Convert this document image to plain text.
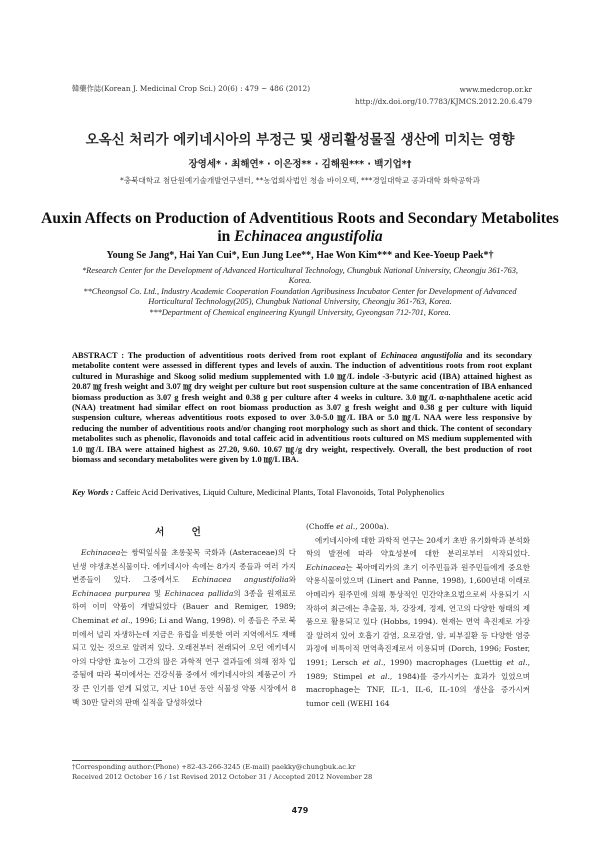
韓藥作誌(Korean J. Medicinal Crop Sci.) 20(6) : 479 ~ 486 (2012)	www.medcrop.or.kr
http://dx.doi.org/10.7783/KJMCS.2012.20.6.479
오옥신 처리가 에키네시아의 부정근 및 생리활성물질 생산에 미치는 영향
장영세* · 최해연* · 이은정** · 김해원*** · 백기업*†
*충북대학교 첨단원예기술개발연구센터, **농업회사법인 청솔 바이오텍, ***경일대학교 공과대학 화학공학과
Auxin Affects on Production of Adventitious Roots and Secondary Metabolites in Echinacea angustifolia
Young Se Jang*, Hai Yan Cui*, Eun Jung Lee**, Hae Won Kim*** and Kee-Yoeup Paek*†
*Research Center for the Development of Advanced Horticultural Technology, Chungbuk National University, Cheongju 361-763, Korea.
**Cheongsol Co. Ltd., Industry Academic Cooperation Foundation Agribusiness Incubator Center for Development of Advanced Horticultural Technology(205), Chungbuk National University, Cheongju 361-763, Korea.
***Department of Chemical engineering Kyungil University, Gyeongsan 712-701, Korea.
ABSTRACT : The production of adventitious roots derived from root explant of Echinacea angustifolia and its secondary metabolite content were assessed in different types and levels of auxin. The induction of adventitious roots from root explant cultured in Murashige and Skoog solid medium supplemented with 1.0 ㎎/L indole -3-butyric acid (IBA) attained highest as 20.87 ㎎ fresh weight and 3.07 ㎎ dry weight per culture but root suspension culture at the same concentration of IBA enhanced biomass production as 3.07 g fresh weight and 0.38 g per culture after 4 weeks in culture. 3.0 ㎎/L α-naphthalene acetic acid (NAA) treatment had similar effect on root biomass production as 3.07 g fresh weight and 0.38 g per culture with liquid suspension culture, whereas adventitious roots exposed to over 3.0-5.0 ㎎/L IBA or 5.0 ㎎/L NAA were less responsive by reducing the number of adventitious roots and/or changing root morphology such as short and thick. The content of secondary metabolites such as phenolic, flavonoids and total caffeic acid in adventitious roots cultured on MS medium supplemented with 1.0 ㎎/L IBA were attained highest as 27.20, 9.60. 10.67 ㎎/g dry weight, respectively. Overall, the best production of root biomass and secondary metabolites were given by 1.0 ㎎/L IBA.
Key Words : Caffeic Acid Derivatives, Liquid Culture, Medicinal Plants, Total Flavonoids, Total Polyphenolics
서 언
Echinacea는 쌍떡잎식물 초롱꽃목 국화과 (Asteraceae)의 다년생 야생초본식물이다. 에키네시아 속에는 8가지 종들과 여러 가지 변종들이 있다. 그중에서도 Echinacea angustifolia와 Echinacea purpurea 및 Echinacea pallida의 3종을 원재료로 하여 이미 약품이 개발되었다 (Bauer and Remiger, 1989; Cheminat et al., 1996; Li and Wang, 1998). 이 종들은 주로 북미에서 널리 자생하는데 지금은 유럽을 비롯한 여러 지역에서도 재배되고 있는 것으로 알려져 있다. 오래전부터 전래되어 오던 에키네시아의 다양한 효능이 그간의 많은 과학적 연구 결과들에 의해 점차 입증됨에 따라 북미에서는 건강식품 중에서 에키네시아의 제품군이 가장 큰 인기를 얻게 되었고, 지난 10년 동안 식물성 약품 시장에서 8백 30만 달러의 판매 실적을 달성하였다
(Choffe et al., 2000a).
에키네시아에 대한 과학적 연구는 20세기 초반 유기화학과 분석화학의 발전에 따라 약효성분에 대한 분리로부터 시작되었다. Echinacea는 북아메리카의 초기 이주민들과 원주민들에게 중요한 약용식물이었으며 (Linert and Panne, 1998), 1,600년대 이래로 아메리카 원주민에 의해 통상적인 민간약초요법으로써 사용되기 시작하여 최근에는 추출물, 차, 강장제, 정제, 연고의 다양한 형태의 제품으로 활용되고 있다 (Hobbs, 1994). 현재는 면역 촉진제로 가장 잘 알려져 있어 호흡기 감염, 요로감염, 암, 피부질환 등 다양한 염증과정에 비특이적 면역촉진제로서 이용되며 (Dorch, 1996; Foster, 1991; Lersch et al., 1990) macrophages (Luettig et al., 1989; Stimpel et al., 1984)를 증가시키는 효과가 있었으며 macrophage는 TNF, IL-1, IL-6, IL-10의 생산을 증가시켜 tumor cell (WEHI 164
†Corresponding author:(Phone) +82-43-266-3245 (E-mail) paekky@chungbuk.ac.kr
Received 2012 October 16 / 1st Revised 2012 October 31 / Accepted 2012 November 28
479
